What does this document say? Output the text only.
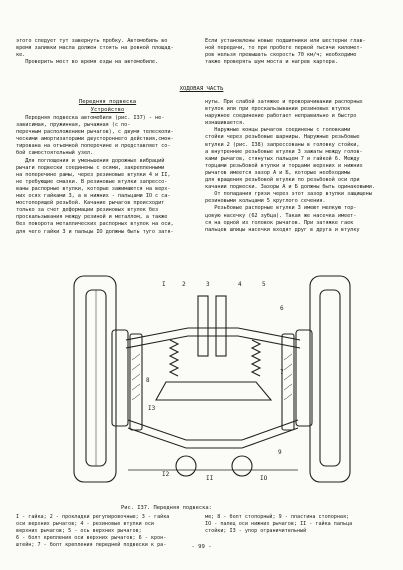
этого следует тут завернуть пробку. Автомобиль во
время заливки масла должен стоять на ровной площад-
ке.
Проверить мост во время езды на автомобиле.
Если установлены новые подшипники или шестерни глав-
ной передачи, то при пробеге первой тысячи километ-
ров нельзя превышать скорость 70 км/ч; необходимо
также проверять шум моста и нагрев картера.
ХОДОВАЯ ЧАСТЬ
Передняя подвеска
Устройство
Передняя подвеска автомобиля (рис. I37) - не-
зависимая, пружинная, рычажная (с по-
перечным расположением рычагов), с двумя телескопи-
ческими амортизаторами двустороннего действия,смон-
тирована на отъемной поперечине и представляет со-
бой самостоятельный узел.
Для поглощения и уменьшения дорожных вибраций
рычаги подвески соединены с осями, закрепленными
на поперечине рамы, через резиновые втулки 4 и II,
не требующие смазки. В резиновые втулки запрессо-
ваны распорные втулки, которые зажимаются на верх-
них осях гайками 3, а в нижних - пальцами IO с са-
мостопорящей резьбой. Качание рычагов происходит
только за счет деформации резиновых втулок без
проскальзывания между резиной и металлом, а также
без поворота металлических распорных втулок на оси,
для чего гайки 3 и пальцы IO должны быть туго затя-
нуты. При слабой затяжке и проворачивании распорных
втулок или при проскальзывании резиновых втулок
наружное соединение работает неправильно и быстро
изнашивается.
Наружные концы рычагов соединены с головками
стойки через резьбовые шарниры. Наружные резьбовые
втулки 2 (рис. I38) запрессованы в головку стойки,
а внутренние резьбовые втулки 3 зажаты между голов-
ками рычагов, стянутых пальцем 7 и гайкой 6. Между
торцами резьбовой втулки и торцами верхних и нижних
рычагов имеется зазор А и Б, которые необходимы
для вращения резьбовой втулки по резьбовой оси при
качании подвески. Зазоры А и Б должны быть одинаковыми.
От попадания грязи через этот зазор втулки защищены
резиновыми кольцами 5 круглого сечения.
Резьбовые распорные втулки 3 имеют мелкую тор-
цовую насечку (62 зубца). Такая же насечка имеет-
ся на одной из головок рычагов. При затяжке гаек
пальцев шлицы насечки входят друг в друга и втулку
I	2	3	4	5
6
7
8
9
IO
II
I2
I3
Рис. I37. Передняя подвеска:
I - гайка; 2 - прокладки регулировочные; 3 - гайка
оси верхних рычагов; 4 - резиновые втулки оси
верхних рычагов; 5 - ось верхних рычагов;
6 - болт крепления оси верхних рычагов; 6 - крон-
штейн; 7 - болт крепления передней подвески к ра-
ме; 8 - болт стопорный; 9 - пластина стопорная;
IO - палец оси нижних рычагов; II - гайка пальца
стойки; I3 - упор ограничительный
- 99 -
